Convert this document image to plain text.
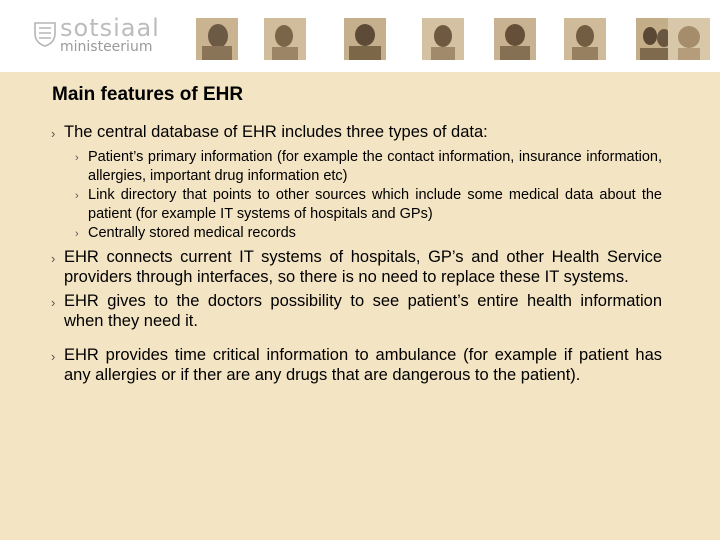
sotsiaal
ministeerium
Main features of EHR
› The central database of EHR includes three types of data:
› Patient’s primary information (for example the contact information, insurance information, allergies, important drug information etc)
› Link directory that points to other sources which include some medical data about the patient (for example IT systems of hospitals and GPs)
› Centrally stored medical records
› EHR connects current IT systems of hospitals, GP’s and other Health Service providers through interfaces, so there is no need to replace these IT systems.
› EHR gives to the doctors possibility to see patient’s entire health information when they need it.
› EHR provides time critical information to ambulance (for example if patient has any allergies or if ther are any drugs that are dangerous to the patient).
